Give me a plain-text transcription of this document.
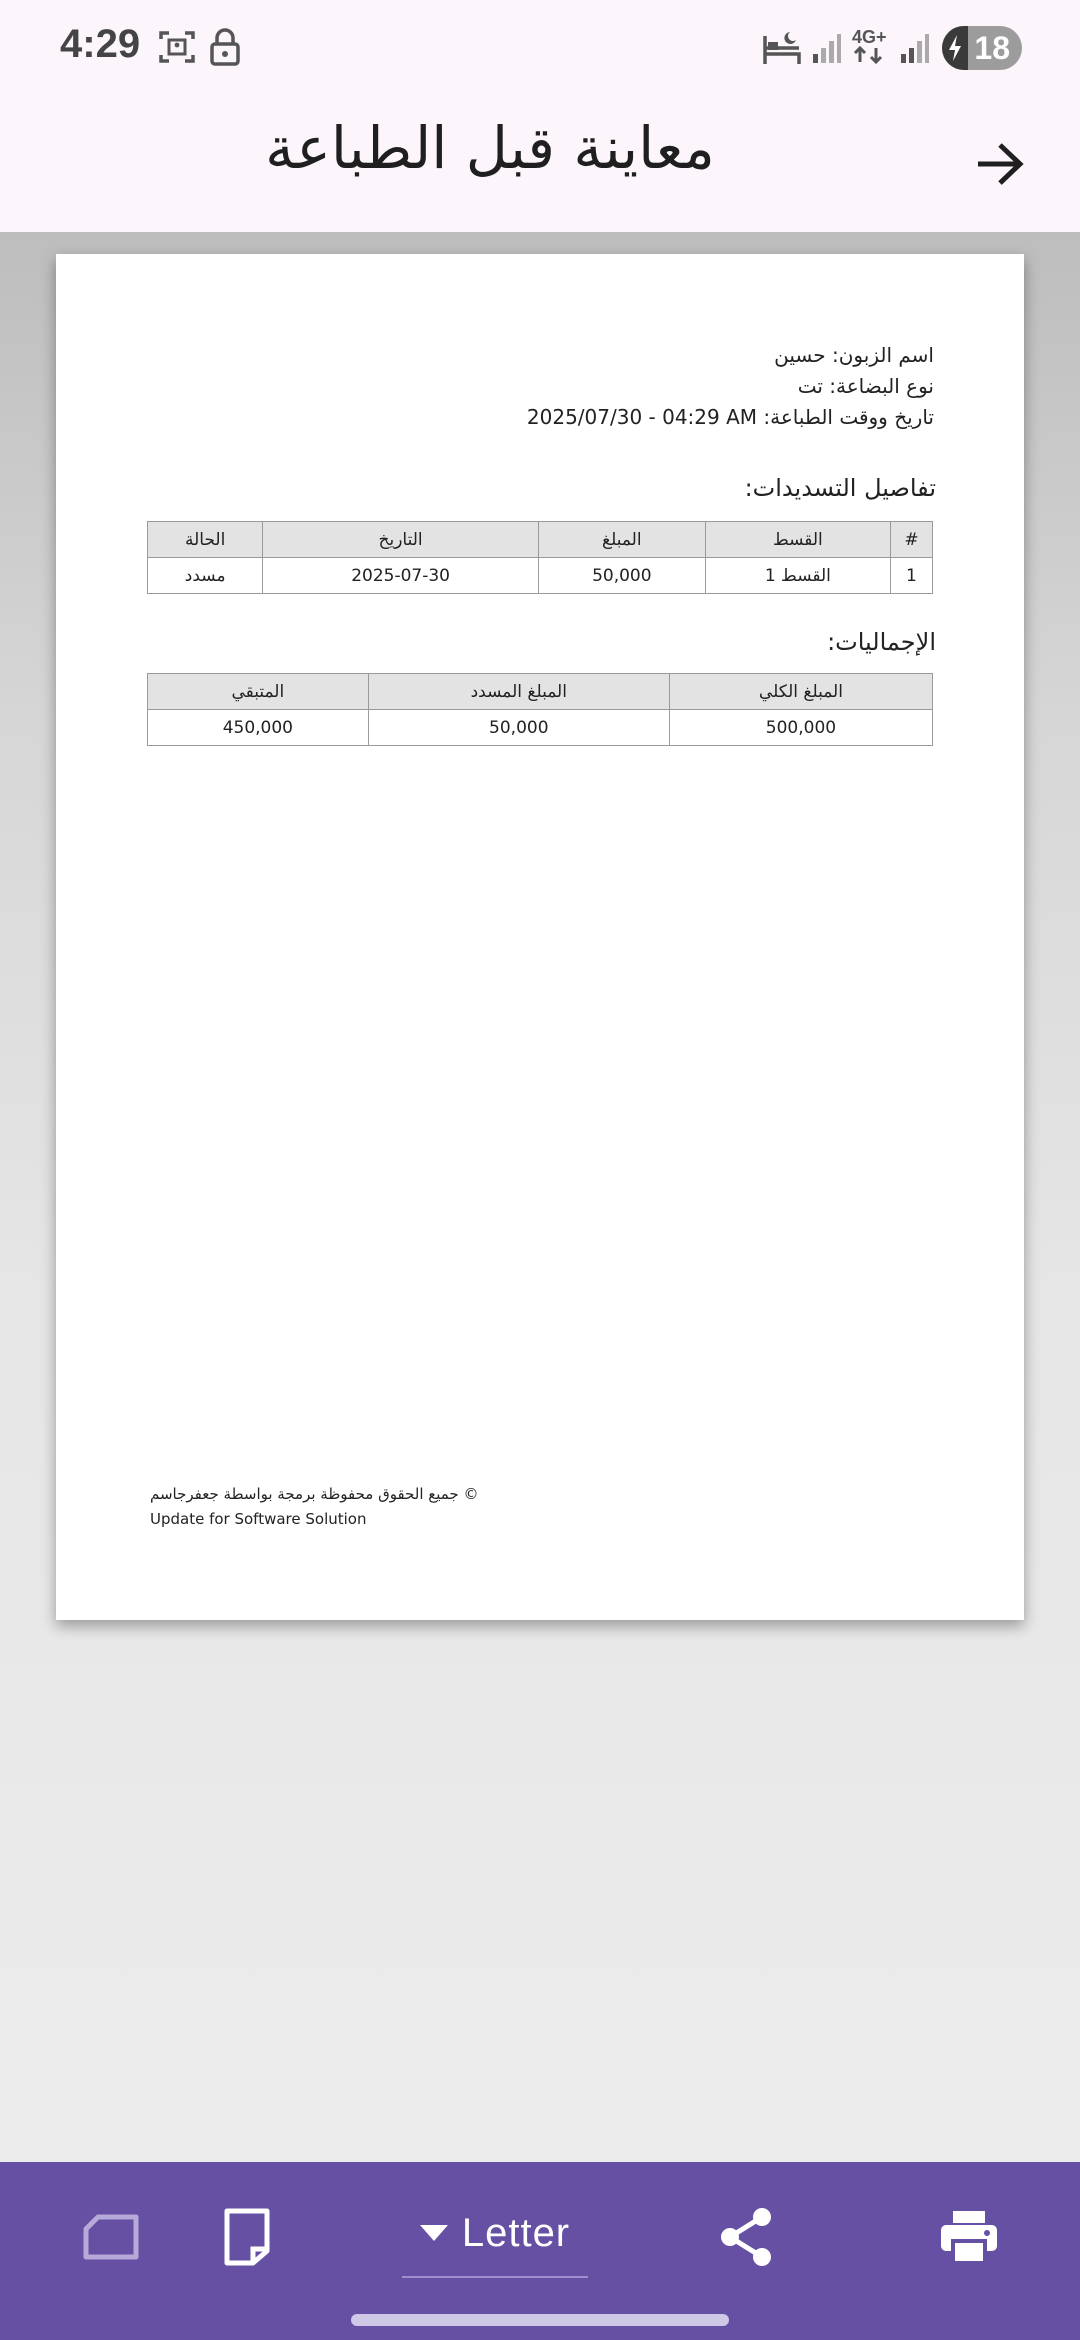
4:29	4G+	18
معاينة قبل الطباعة
اسم الزبون: حسين
نوع البضاعة: تت
تاريخ ووقت الطباعة: 2025/07/30 - 04:29 AM
تفاصيل التسديدات:
#	القسط	المبلغ	التاريخ	الحالة
1	القسط 1	50,000	2025-07-30	مسدد
الإجماليات:
المبلغ الكلي	المبلغ المسدد	المتبقي
500,000	50,000	450,000
© جميع الحقوق محفوظة برمجة بواسطة جعفرجاسم
Update for Software Solution
Letter
